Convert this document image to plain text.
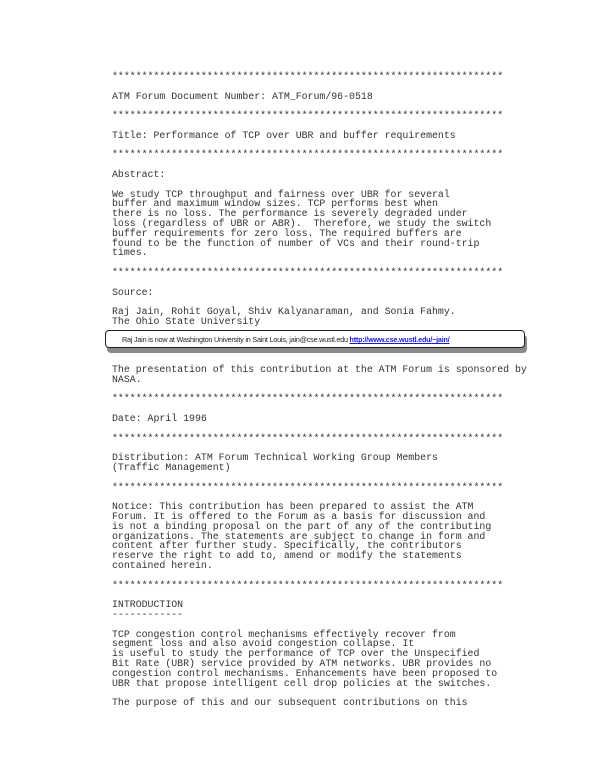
******************************************************************

ATM Forum Document Number: ATM_Forum/96-0518

******************************************************************

Title: Performance of TCP over UBR and buffer requirements

******************************************************************

Abstract:

We study TCP throughput and fairness over UBR for several
buffer and maximum window sizes. TCP performs best when
there is no loss. The performance is severely degraded under
loss (regardless of UBR or ABR).  Therefore, we study the switch
buffer requirements for zero loss. The required buffers are
found to be the function of number of VCs and their round-trip
times.

******************************************************************

Source:

Raj Jain, Rohit Goyal, Shiv Kalyanaraman, and Sonia Fahmy.
The Ohio State University
Raj Jain is now at Washington University in Saint Louis, jain@cse.wustl.edu http://www.cse.wustl.edu/~jain/
The presentation of this contribution at the ATM Forum is sponsored by
NASA.

******************************************************************

Date: April 1996

******************************************************************

Distribution: ATM Forum Technical Working Group Members
(Traffic Management)

******************************************************************

Notice: This contribution has been prepared to assist the ATM
Forum. It is offered to the Forum as a basis for discussion and
is not a binding proposal on the part of any of the contributing
organizations. The statements are subject to change in form and
content after further study. Specifically, the contributors
reserve the right to add to, amend or modify the statements
contained herein.

******************************************************************

INTRODUCTION
------------

TCP congestion control mechanisms effectively recover from
segment loss and also avoid congestion collapse. It
is useful to study the performance of TCP over the Unspecified
Bit Rate (UBR) service provided by ATM networks. UBR provides no
congestion control mechanisms. Enhancements have been proposed to
UBR that propose intelligent cell drop policies at the switches.

The purpose of this and our subsequent contributions on this
